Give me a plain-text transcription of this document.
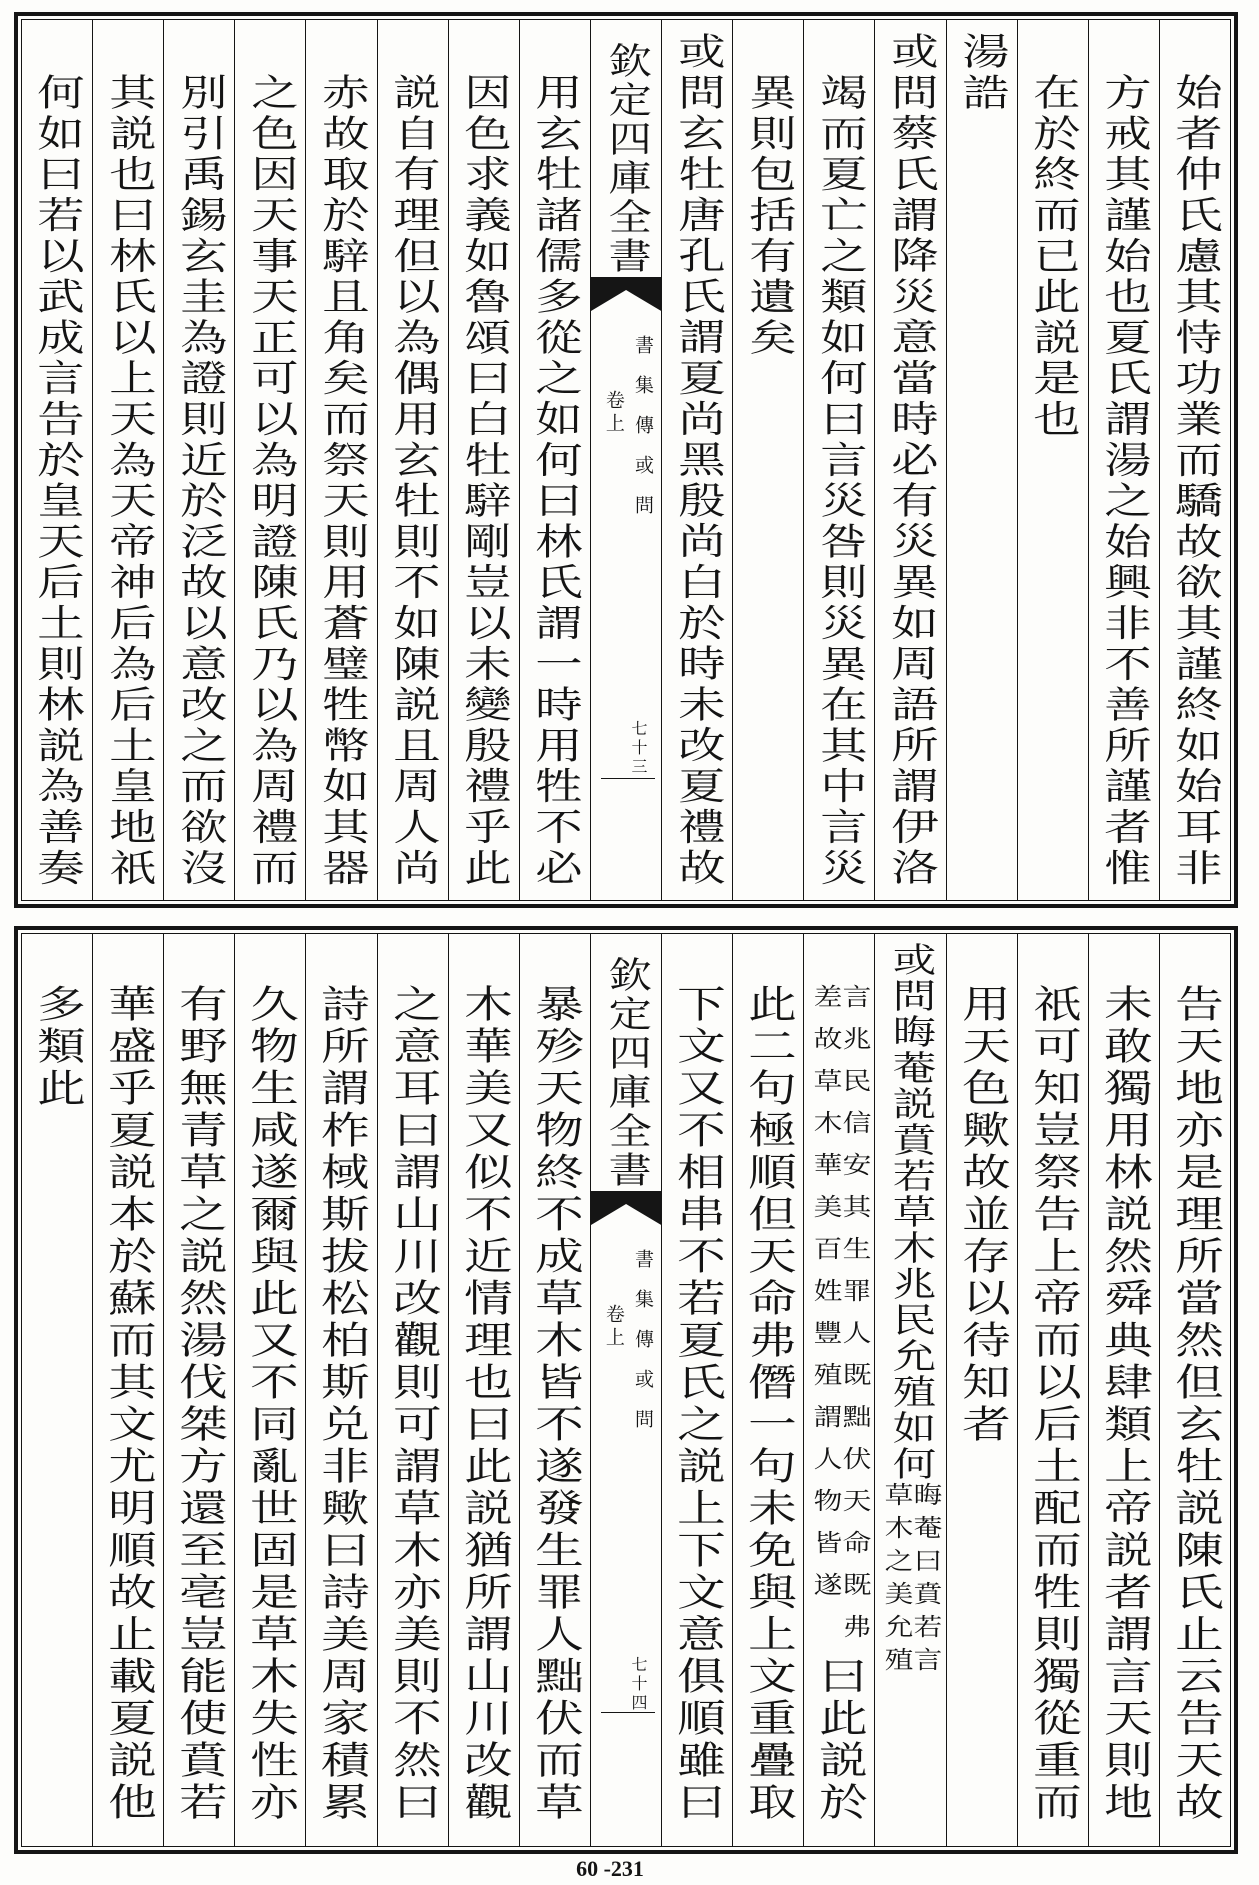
始者仲氏慮其恃功業而驕故欲其謹終如始耳非
方戒其謹始也夏氏謂湯之始興非不善所謹者惟
在於終而已此説是也
湯誥
或問蔡氏謂降災意當時必有災異如周語所謂伊洛
竭而夏亡之類如何曰言災咎則災異在其中言災
異則包括有遺矣
或問玄牡唐孔氏謂夏尚黑殷尚白於時未改夏禮故
欽定四庫全書
書集傳或問
卷上
七十三
用玄牡諸儒多從之如何曰林氏謂一時用牲不必
因色求義如魯頌曰白牡騂剛豈以未變殷禮乎此
説自有理但以為偶用玄牡則不如陳説且周人尚
赤故取於騂且角矣而祭天則用蒼璧牲幣如其器
之色因天事天正可以為明證陳氏乃以為周禮而
別引禹錫玄圭為證則近於泛故以意改之而欲沒
其説也曰林氏以上天為天帝神后為后土皇地祇
何如曰若以武成言告於皇天后土則林説為善奏
告天地亦是理所當然但玄牡説陳氏止云告天故
未敢獨用林説然舜典肆類上帝説者謂言天則地
祇可知豈祭告上帝而以后土配而牲則獨從重而
用天色歟故並存以待知者
或問晦菴説賁若草木兆民允殖如何
晦菴曰賁若言
草木之美允殖
言兆民信安其生罪人既黜伏天命既弗
差故草木華美百姓豐殖謂人物皆遂
曰此説於
此二句極順但天命弗僭一句未免與上文重疊取
下文又不相串不若夏氏之説上下文意俱順雖曰
欽定四庫全書
書集傳或問
卷上
七十四
暴殄天物終不成草木皆不遂發生罪人黜伏而草
木華美又似不近情理也曰此説猶所謂山川改觀
之意耳曰謂山川改觀則可謂草木亦美則不然曰
詩所謂柞棫斯拔松柏斯兑非歟曰詩美周家積累
久物生咸遂爾與此又不同亂世固是草木失性亦
有野無青草之説然湯伐桀方還至亳豈能使賁若
華盛乎夏説本於蘇而其文尤明順故止載夏説他
多類此
60 -231
